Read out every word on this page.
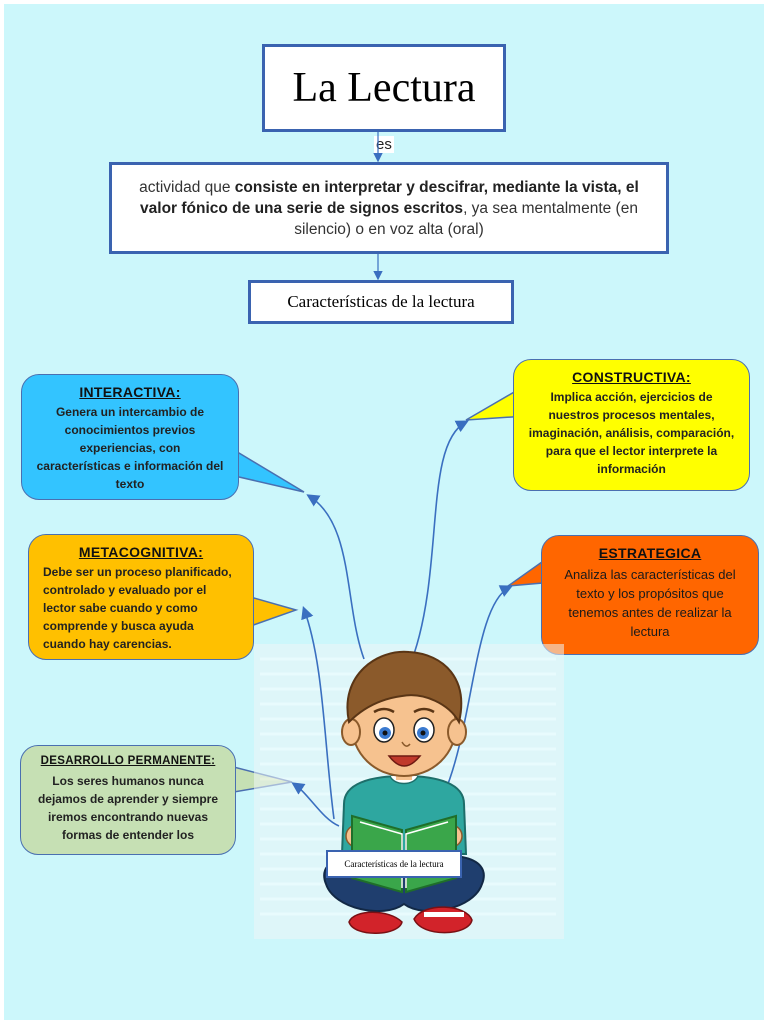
La Lectura
es

actividad que consiste en interpretar y descifrar, mediante la vista, el valor fónico de una serie de signos escritos, ya sea mentalmente (en silencio) o en voz alta (oral)

Características de la lectura
INTERACTIVA:
Genera un intercambio de conocimientos previos experiencias, con características e información del texto
CONSTRUCTIVA:
Implica acción, ejercicios de nuestros procesos mentales, imaginación, análisis, comparación, para que el lector interprete la información
METACOGNITIVA:
Debe ser un proceso planificado, controlado y evaluado por el lector sabe cuando y como comprende y busca ayuda cuando hay carencias.
ESTRATEGICA
Analiza las características del texto y los propósitos que tenemos antes de realizar la lectura
DESARROLLO PERMANENTE:
Los seres humanos nunca dejamos de aprender y siempre iremos encontrando nuevas formas de entender los
Características de la lectura
